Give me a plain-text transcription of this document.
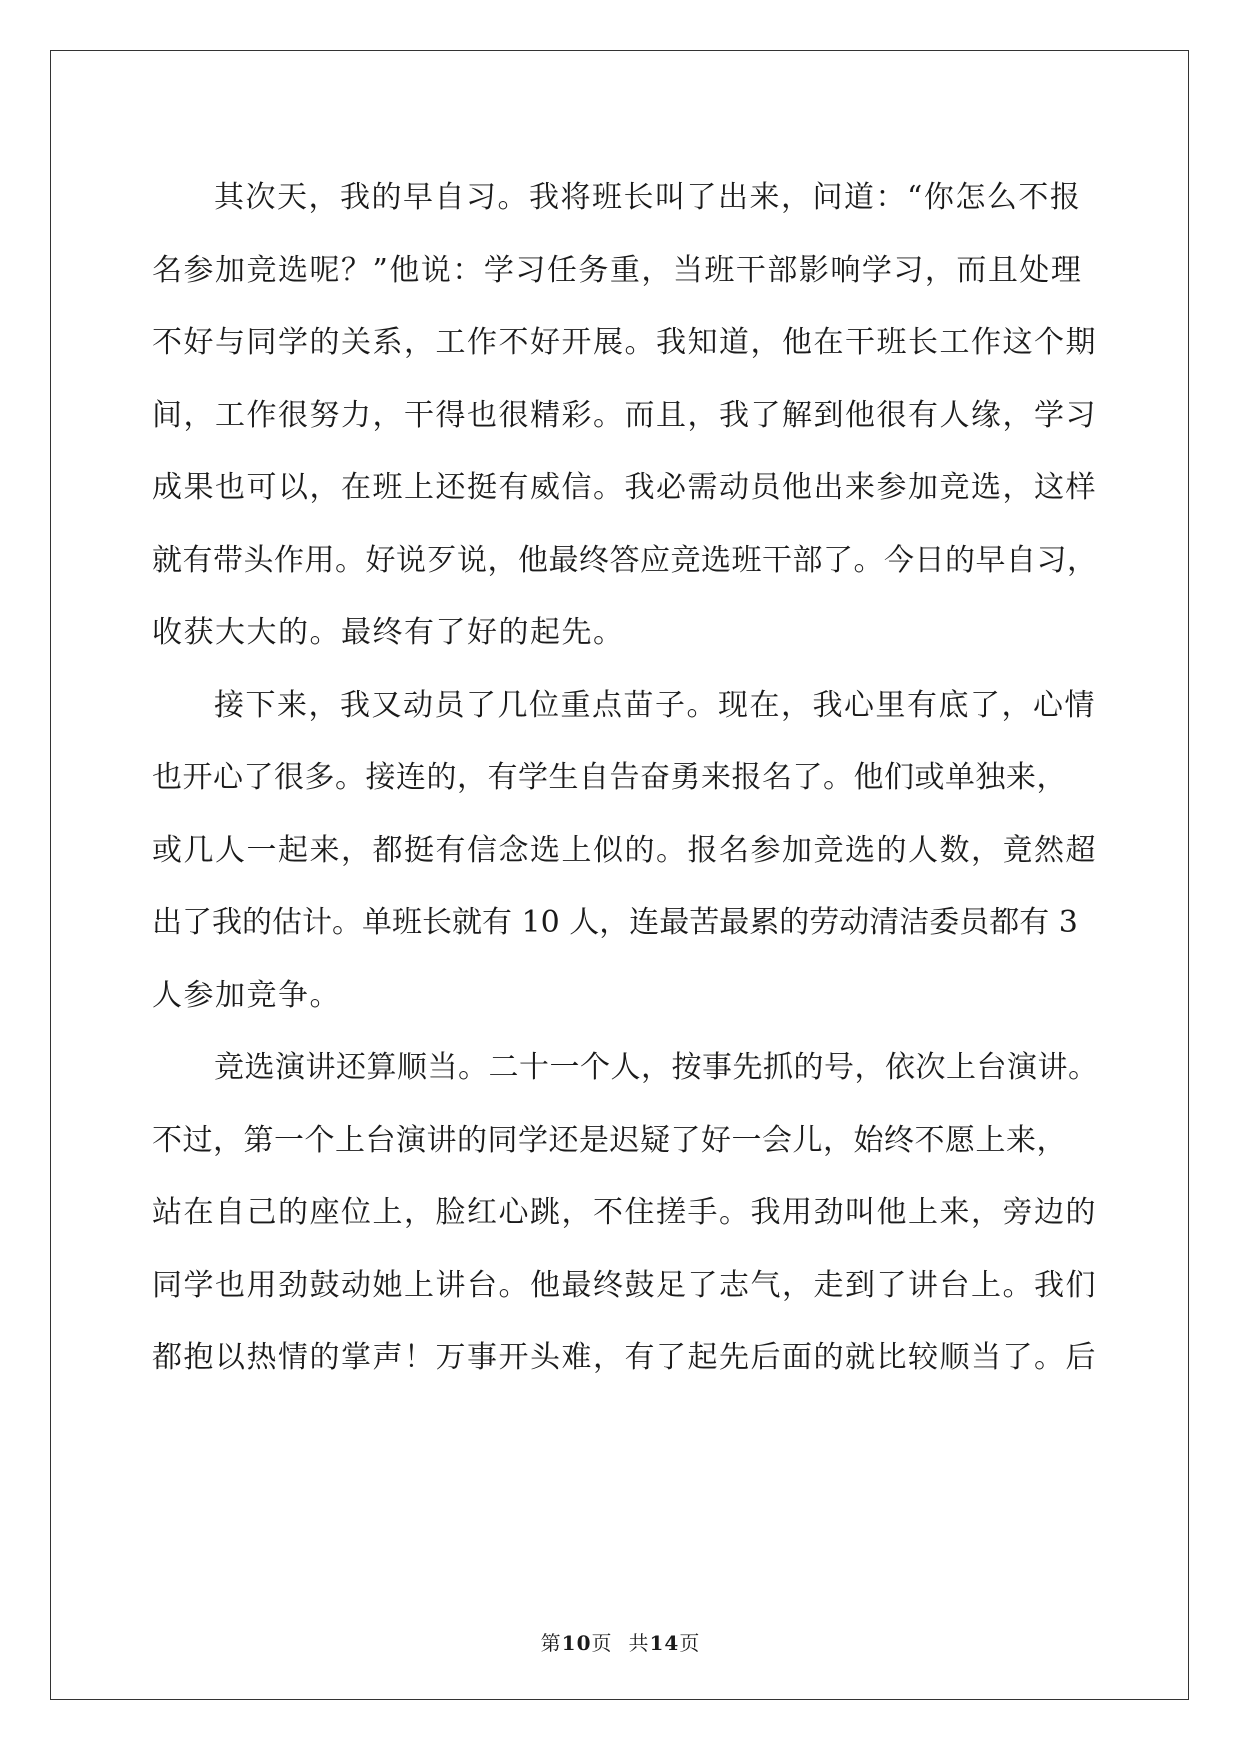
其次天，我的早自习。我将班长叫了出来，问道：“你怎么不报
名参加竞选呢？”他说：学习任务重，当班干部影响学习，而且处理
不好与同学的关系，工作不好开展。我知道，他在干班长工作这个期
间，工作很努力，干得也很精彩。而且，我了解到他很有人缘，学习
成果也可以，在班上还挺有威信。我必需动员他出来参加竞选，这样
就有带头作用。好说歹说，他最终答应竞选班干部了。今日的早自习，
收获大大的。最终有了好的起先。
接下来，我又动员了几位重点苗子。现在，我心里有底了，心情
也开心了很多。接连的，有学生自告奋勇来报名了。他们或单独来，
或几人一起来，都挺有信念选上似的。报名参加竞选的人数，竟然超
出了我的估计。单班长就有 10 人，连最苦最累的劳动清洁委员都有 3
人参加竞争。
竞选演讲还算顺当。二十一个人，按事先抓的号，依次上台演讲。
不过，第一个上台演讲的同学还是迟疑了好一会儿，始终不愿上来，
站在自己的座位上，脸红心跳，不住搓手。我用劲叫他上来，旁边的
同学也用劲鼓动她上讲台。他最终鼓足了志气，走到了讲台上。我们
都抱以热情的掌声！万事开头难，有了起先后面的就比较顺当了。后
第10页 共14页
